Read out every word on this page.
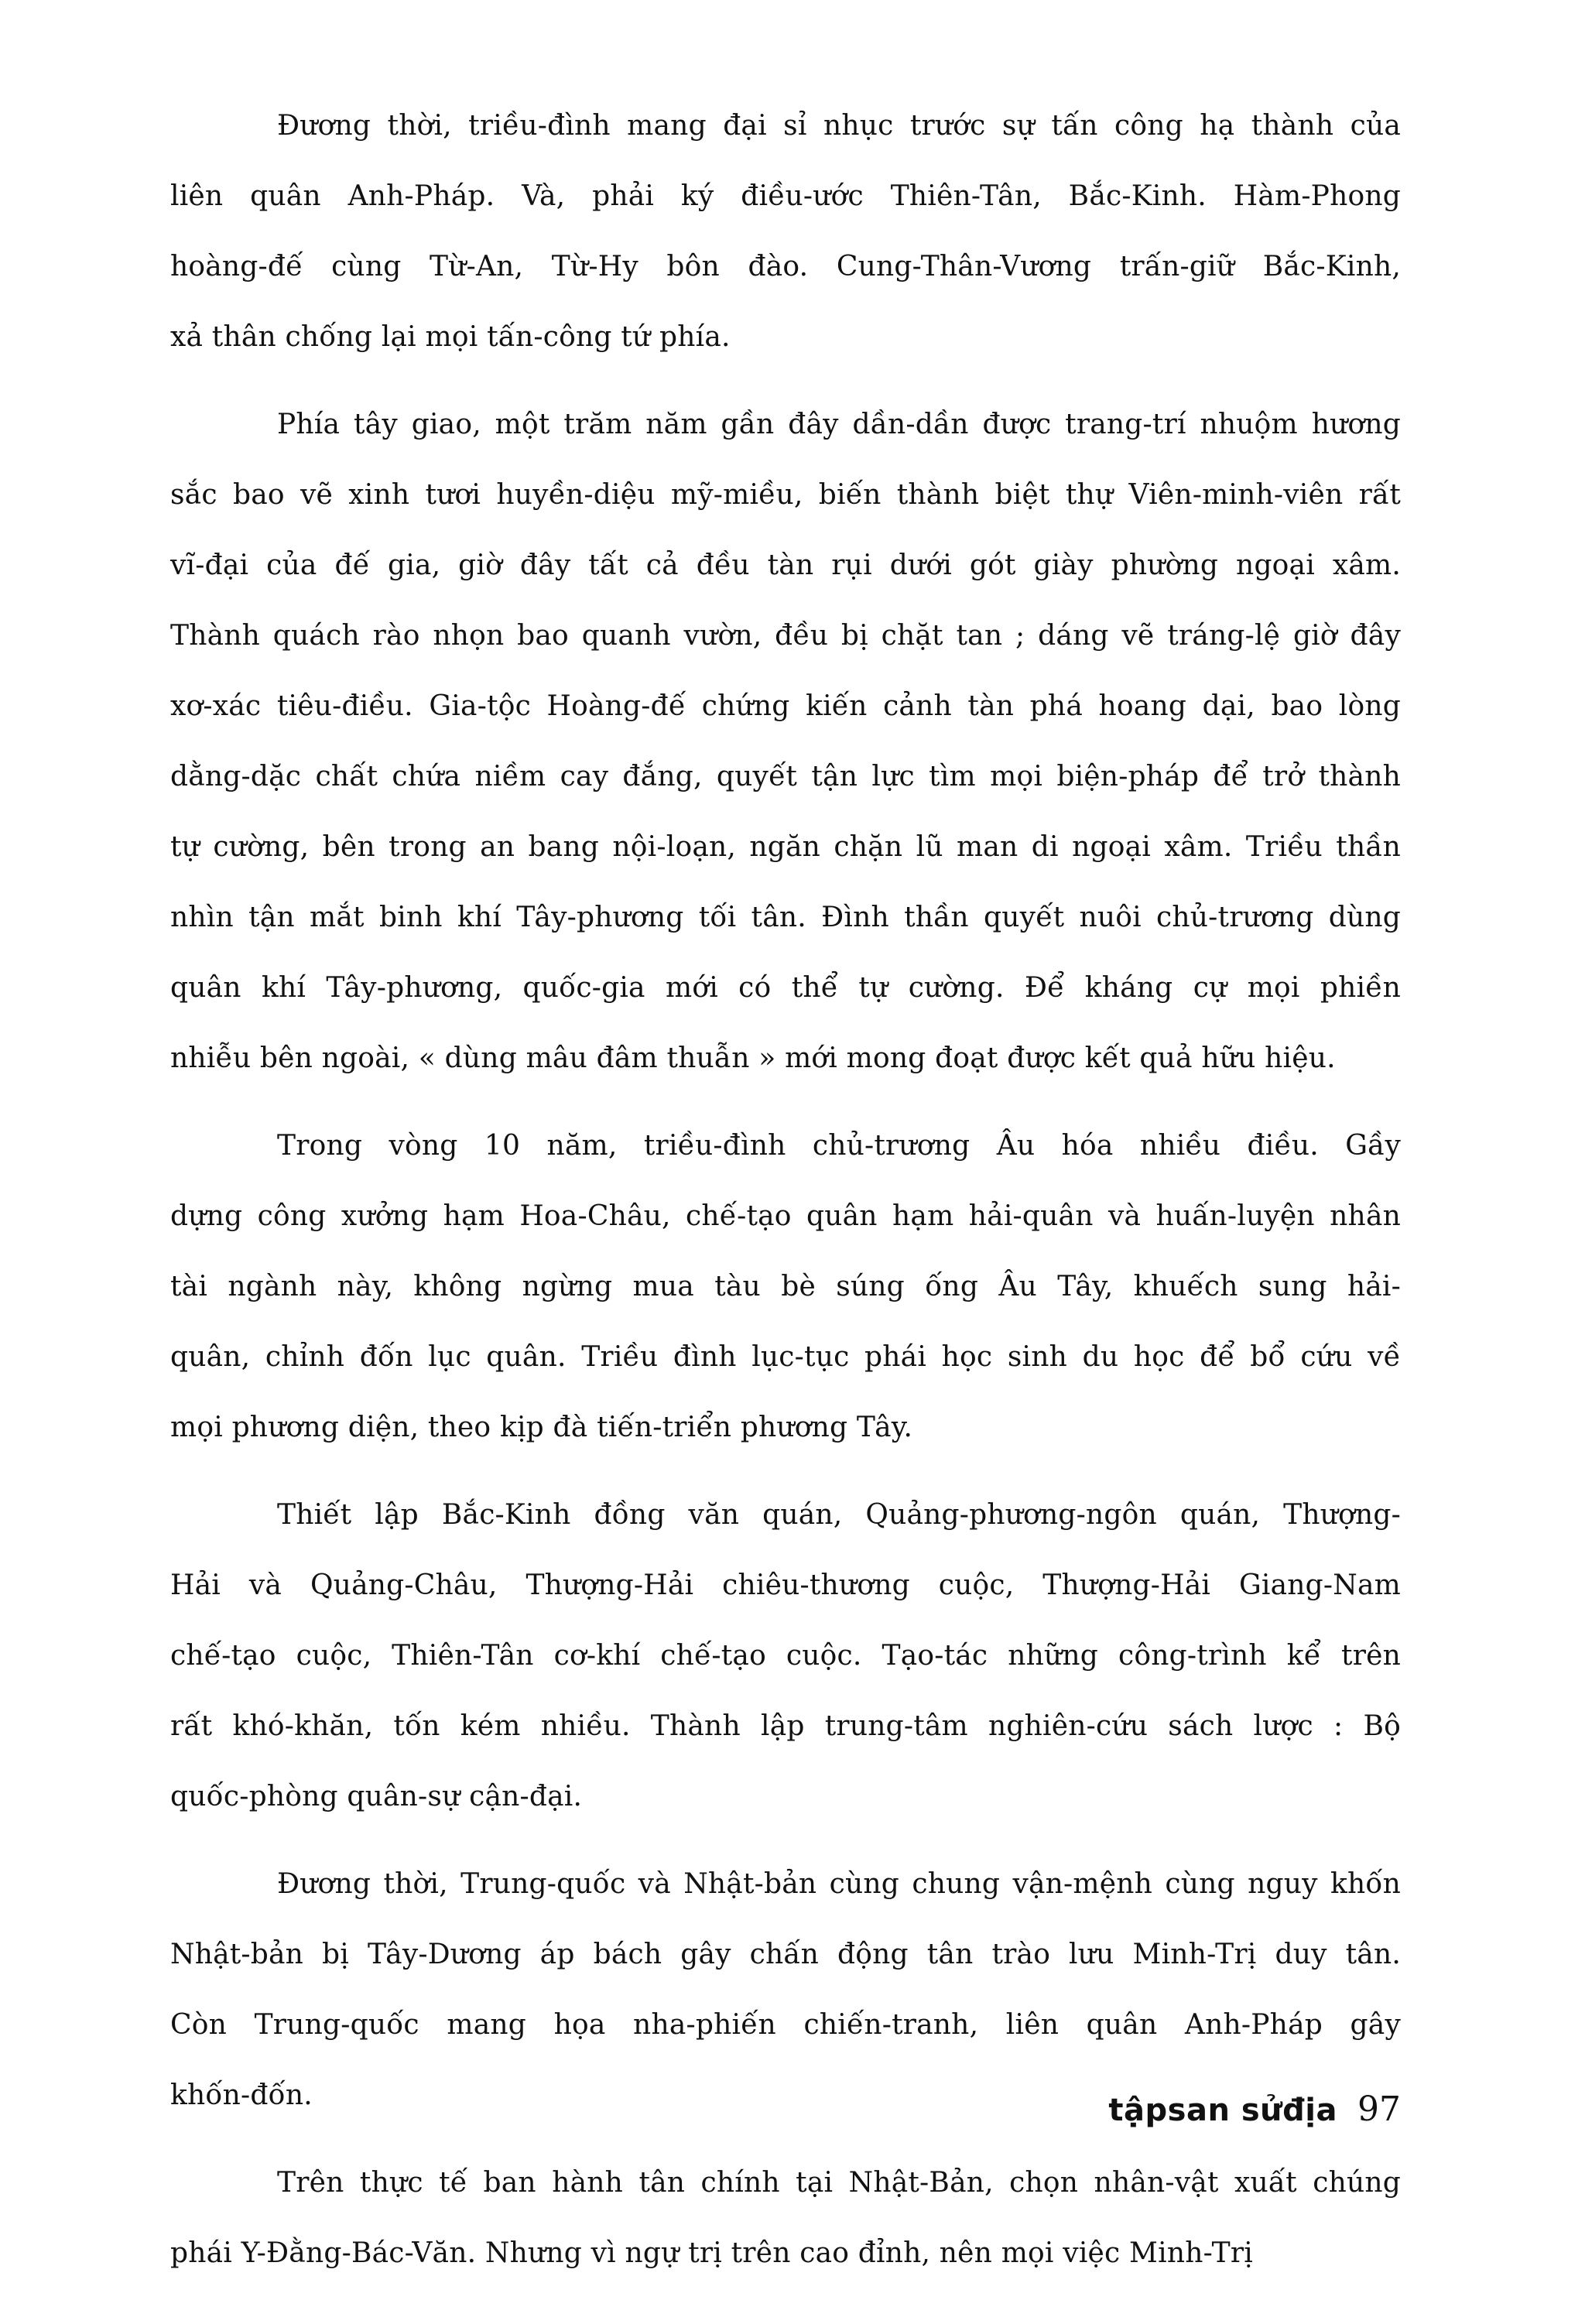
Đương thời, triều-đình mang đại sỉ nhục trước sự tấn công hạ thành của
liên quân Anh-Pháp. Và, phải ký điều-ước Thiên-Tân, Bắc-Kinh. Hàm-Phong
hoàng-đế cùng Từ-An, Từ-Hy bôn đào. Cung-Thân-Vương trấn-giữ Bắc-Kinh,
xả thân chống lại mọi tấn-công tứ phía.
Phía tây giao, một trăm năm gần đây dần-dần được trang-trí nhuộm hương
sắc bao vẽ xinh tươi huyền-diệu mỹ-miều, biến thành biệt thự Viên-minh-viên rất
vĩ-đại của đế gia, giờ đây tất cả đều tàn rụi dưới gót giày phường ngoại xâm.
Thành quách rào nhọn bao quanh vườn, đều bị chặt tan ; dáng vẽ tráng-lệ giờ đây
xơ-xác tiêu-điều. Gia-tộc Hoàng-đế chứng kiến cảnh tàn phá hoang dại, bao lòng
dằng-dặc chất chứa niềm cay đắng, quyết tận lực tìm mọi biện-pháp để trở thành
tự cường, bên trong an bang nội-loạn, ngăn chặn lũ man di ngoại xâm. Triều thần
nhìn tận mắt binh khí Tây-phương tối tân. Đình thần quyết nuôi chủ-trương dùng
quân khí Tây-phương, quốc-gia mới có thể tự cường. Để kháng cự mọi phiền
nhiễu bên ngoài, « dùng mâu đâm thuẫn » mới mong đoạt được kết quả hữu hiệu.
Trong vòng 10 năm, triều-đình chủ-trương Âu hóa nhiều điều. Gầy
dựng công xưởng hạm Hoa-Châu, chế-tạo quân hạm hải-quân và huấn-luyện nhân
tài ngành này, không ngừng mua tàu bè súng ống Âu Tây, khuếch sung hải-
quân, chỉnh đốn lục quân. Triều đình lục-tục phái học sinh du học để bổ cứu về
mọi phương diện, theo kịp đà tiến-triển phương Tây.
Thiết lập Bắc-Kinh đồng văn quán, Quảng-phương-ngôn quán, Thượng-
Hải và Quảng-Châu, Thượng-Hải chiêu-thương cuộc, Thượng-Hải Giang-Nam
chế-tạo cuộc, Thiên-Tân cơ-khí chế-tạo cuộc. Tạo-tác những công-trình kể trên
rất khó-khăn, tốn kém nhiều. Thành lập trung-tâm nghiên-cứu sách lược : Bộ
quốc-phòng quân-sự cận-đại.
Đương thời, Trung-quốc và Nhật-bản cùng chung vận-mệnh cùng nguy khốn
Nhật-bản bị Tây-Dương áp bách gây chấn động tân trào lưu Minh-Trị duy tân.
Còn Trung-quốc mang họa nha-phiến chiến-tranh, liên quân Anh-Pháp gây
khốn-đốn.
Trên thực tế ban hành tân chính tại Nhật-Bản, chọn nhân-vật xuất chúng
phái Y-Đằng-Bác-Văn. Nhưng vì ngự trị trên cao đỉnh, nên mọi việc Minh-Trị
tậpsan sửđịa 97
